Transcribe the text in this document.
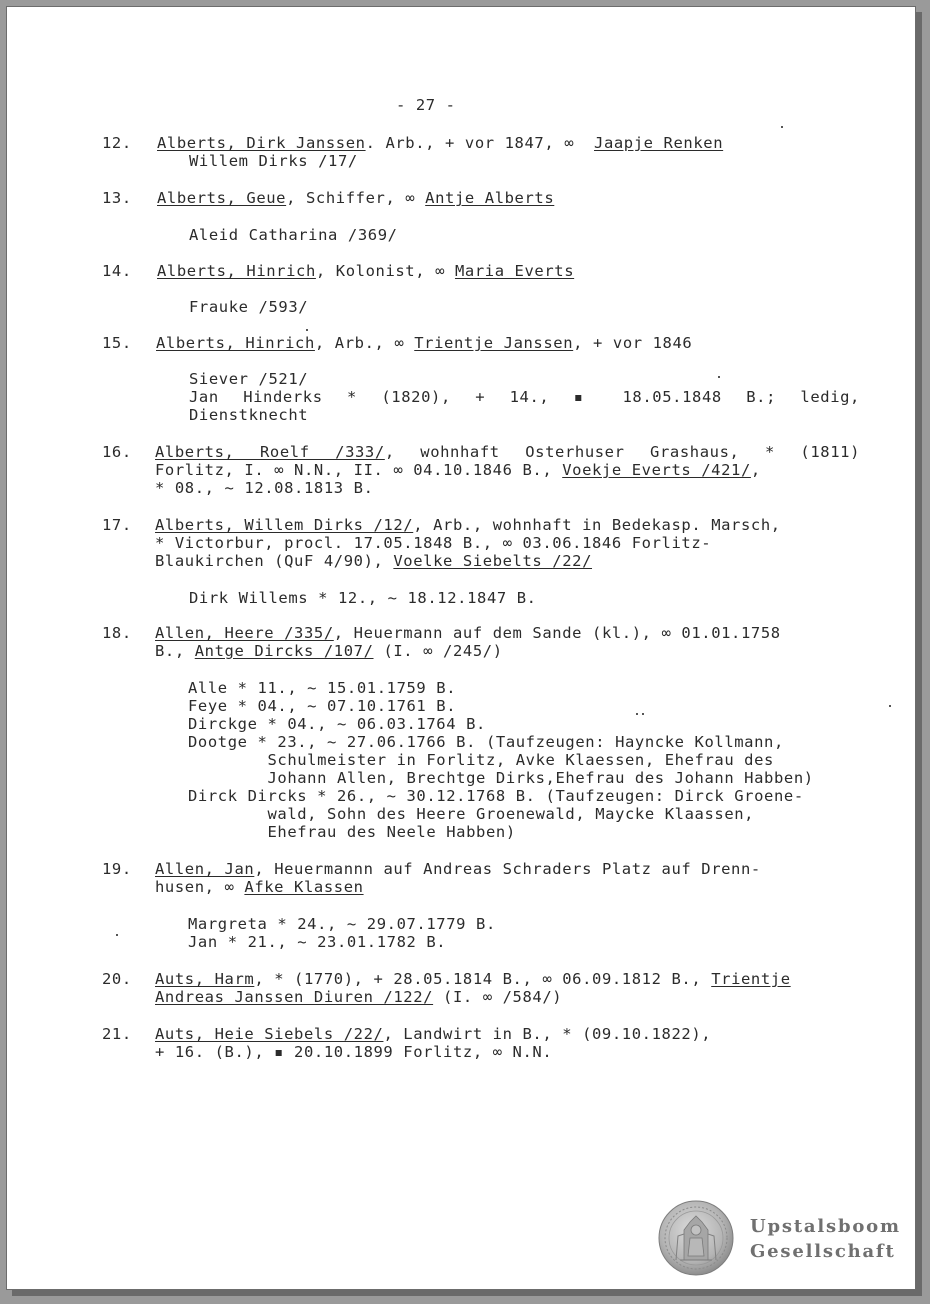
- 27 -
12. Alberts, Dirk Janssen. Arb., + vor 1847, ∞  Jaapje Renken
Willem Dirks /17/
13. Alberts, Geue, Schiffer, ∞ Antje Alberts
Aleid Catharina /369/
14. Alberts, Hinrich, Kolonist, ∞ Maria Everts
Frauke /593/
15. Alberts, Hinrich, Arb., ∞ Trientje Janssen, + vor 1846
Siever /521/
Jan Hinderks * (1820), + 14., ▪ 18.05.1848 B.; ledig,
Dienstknecht
16. Alberts, Roelf /333/, wohnhaft Osterhuser Grashaus, * (1811)
Forlitz, I. ∞ N.N., II. ∞ 04.10.1846 B., Voekje Everts /421/,
* 08., ~ 12.08.1813 B.
17. Alberts, Willem Dirks /12/, Arb., wohnhaft in Bedekasp. Marsch,
* Victorbur, procl. 17.05.1848 B., ∞ 03.06.1846 Forlitz-
Blaukirchen (QuF 4/90), Voelke Siebelts /22/
Dirk Willems * 12., ~ 18.12.1847 B.
18. Allen, Heere /335/, Heuermann auf dem Sande (kl.), ∞ 01.01.1758
B., Antge Dircks /107/ (I. ∞ /245/)
Alle * 11., ~ 15.01.1759 B.
Feye * 04., ~ 07.10.1761 B.
Dirckge * 04., ~ 06.03.1764 B.
Dootge * 23., ~ 27.06.1766 B. (Taufzeugen: Hayncke Kollmann,
Schulmeister in Forlitz, Avke Klaessen, Ehefrau des
Johann Allen, Brechtge Dirks,Ehefrau des Johann Habben)
Dirck Dircks * 26., ~ 30.12.1768 B. (Taufzeugen: Dirck Groene-
wald, Sohn des Heere Groenewald, Maycke Klaassen,
Ehefrau des Neele Habben)
19. Allen, Jan, Heuermannn auf Andreas Schraders Platz auf Drenn-
husen, ∞ Afke Klassen
Margreta * 24., ~ 29.07.1779 B.
Jan * 21., ~ 23.01.1782 B.
20. Auts, Harm, * (1770), + 28.05.1814 B., ∞ 06.09.1812 B., Trientje
Andreas Janssen Diuren /122/ (I. ∞ /584/)
21. Auts, Heie Siebels /22/, Landwirt in B., * (09.10.1822),
+ 16. (B.), ▪ 20.10.1899 Forlitz, ∞ N.N.
Upstalsboom
Gesellschaft
